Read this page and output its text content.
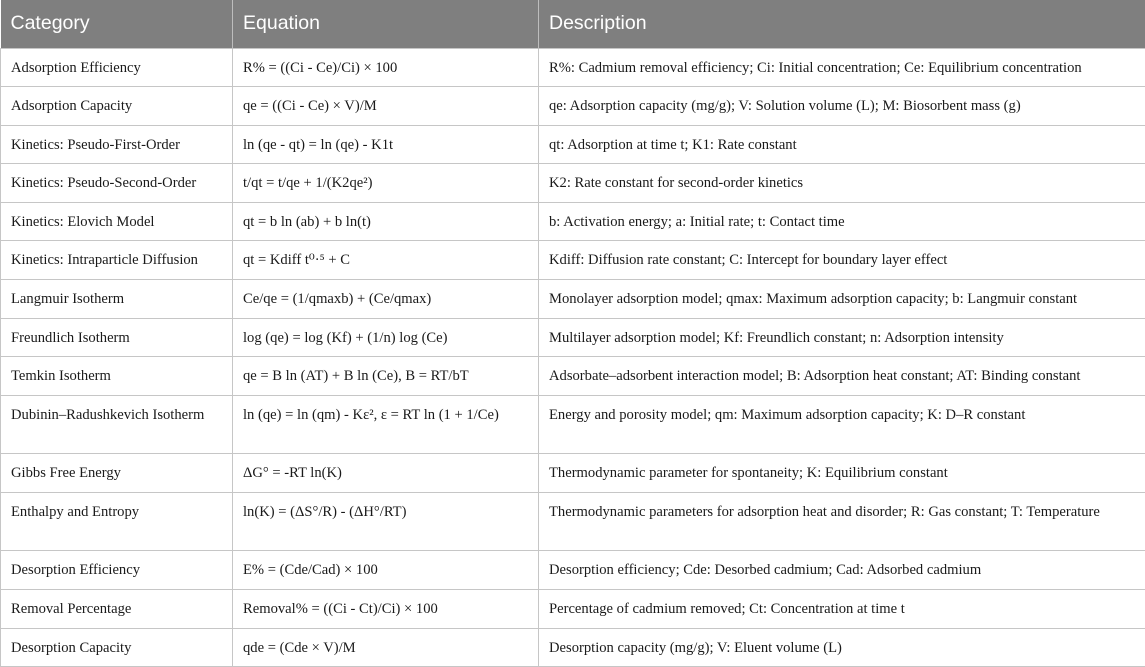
Category	Equation	Description
Adsorption Efficiency	R% = ((Ci - Ce)/Ci) × 100	R%: Cadmium removal efficiency; Ci: Initial concentration; Ce: Equilibrium concentration
Adsorption Capacity	qe = ((Ci - Ce) × V)/M	qe: Adsorption capacity (mg/g); V: Solution volume (L); M: Biosorbent mass (g)
Kinetics: Pseudo-First-Order	ln (qe - qt) = ln (qe) - K1t	qt: Adsorption at time t; K1: Rate constant
Kinetics: Pseudo-Second-Order	t/qt = t/qe + 1/(K2qe²)	K2: Rate constant for second-order kinetics
Kinetics: Elovich Model	qt = b ln (ab) + b ln(t)	b: Activation energy; a: Initial rate; t: Contact time
Kinetics: Intraparticle Diffusion	qt = Kdiff t⁰·⁵ + C	Kdiff: Diffusion rate constant; C: Intercept for boundary layer effect
Langmuir Isotherm	Ce/qe = (1/qmaxb) + (Ce/qmax)	Monolayer adsorption model; qmax: Maximum adsorption capacity; b: Langmuir constant
Freundlich Isotherm	log (qe) = log (Kf) + (1/n) log (Ce)	Multilayer adsorption model; Kf: Freundlich constant; n: Adsorption intensity
Temkin Isotherm	qe = B ln (AT) + B ln (Ce), B = RT/bT	Adsorbate–adsorbent interaction model; B: Adsorption heat constant; AT: Binding constant
Dubinin–Radushkevich Isotherm	ln (qe) = ln (qm) - Kε², ε = RT ln (1 + 1/Ce)	Energy and porosity model; qm: Maximum adsorption capacity; K: D–R constant
Gibbs Free Energy	ΔG° = -RT ln(K)	Thermodynamic parameter for spontaneity; K: Equilibrium constant
Enthalpy and Entropy	ln(K) = (ΔS°/R) - (ΔH°/RT)	Thermodynamic parameters for adsorption heat and disorder; R: Gas constant; T: Temperature
Desorption Efficiency	E% = (Cde/Cad) × 100	Desorption efficiency; Cde: Desorbed cadmium; Cad: Adsorbed cadmium
Removal Percentage	Removal% = ((Ci - Ct)/Ci) × 100	Percentage of cadmium removed; Ct: Concentration at time t
Desorption Capacity	qde = (Cde × V)/M	Desorption capacity (mg/g); V: Eluent volume (L)
